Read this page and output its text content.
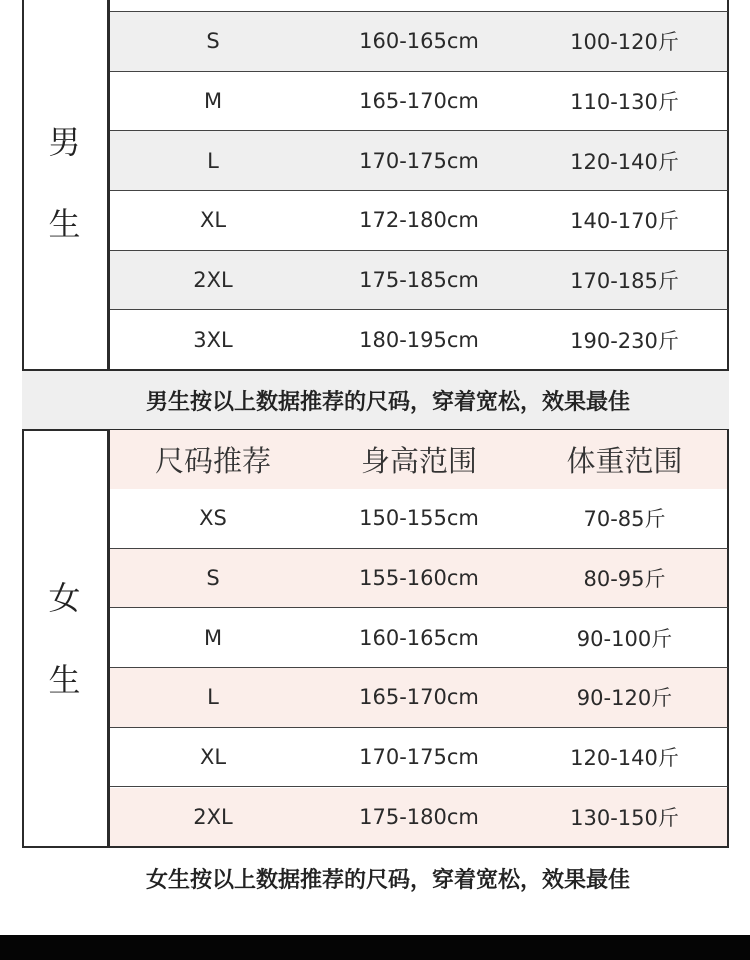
男
生
S	160-165cm	100-120斤
M	165-170cm	110-130斤
L	170-175cm	120-140斤
XL	172-180cm	140-170斤
2XL	175-185cm	170-185斤
3XL	180-195cm	190-230斤
男生按以上数据推荐的尺码，穿着宽松，效果最佳
女
生
尺码推荐	身高范围	体重范围
XS	150-155cm	70-85斤
S	155-160cm	80-95斤
M	160-165cm	90-100斤
L	165-170cm	90-120斤
XL	170-175cm	120-140斤
2XL	175-180cm	130-150斤
女生按以上数据推荐的尺码，穿着宽松，效果最佳
